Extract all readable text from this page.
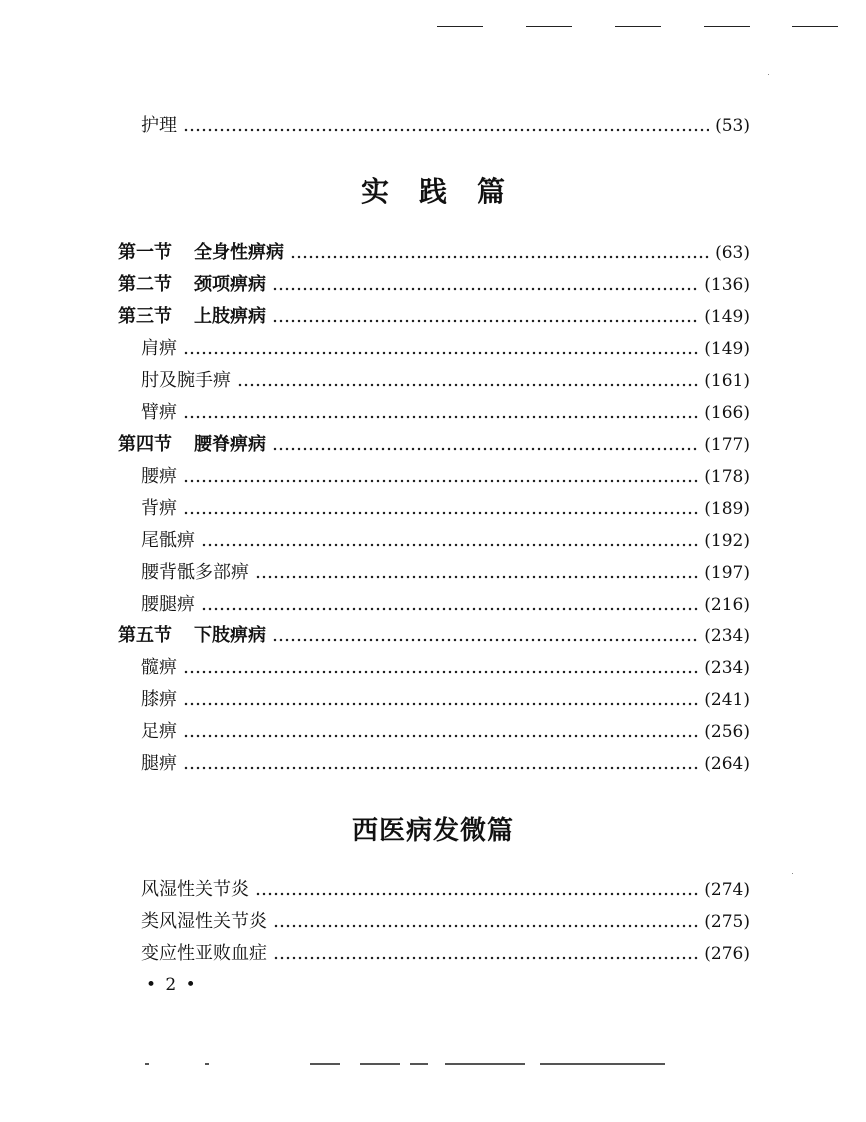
护理	(53)
实践篇
第一节 全身性痹病	(63)
第二节 颈项痹病	(136)
第三节 上肢痹病	(149)
肩痹	(149)
肘及腕手痹	(161)
臂痹	(166)
第四节 腰脊痹病	(177)
腰痹	(178)
背痹	(189)
尾骶痹	(192)
腰背骶多部痹	(197)
腰腿痹	(216)
第五节 下肢痹病	(234)
髋痹	(234)
膝痹	(241)
足痹	(256)
腿痹	(264)
西医病发微篇
风湿性关节炎	(274)
类风湿性关节炎	(275)
变应性亚败血症	(276)
• 2 •
